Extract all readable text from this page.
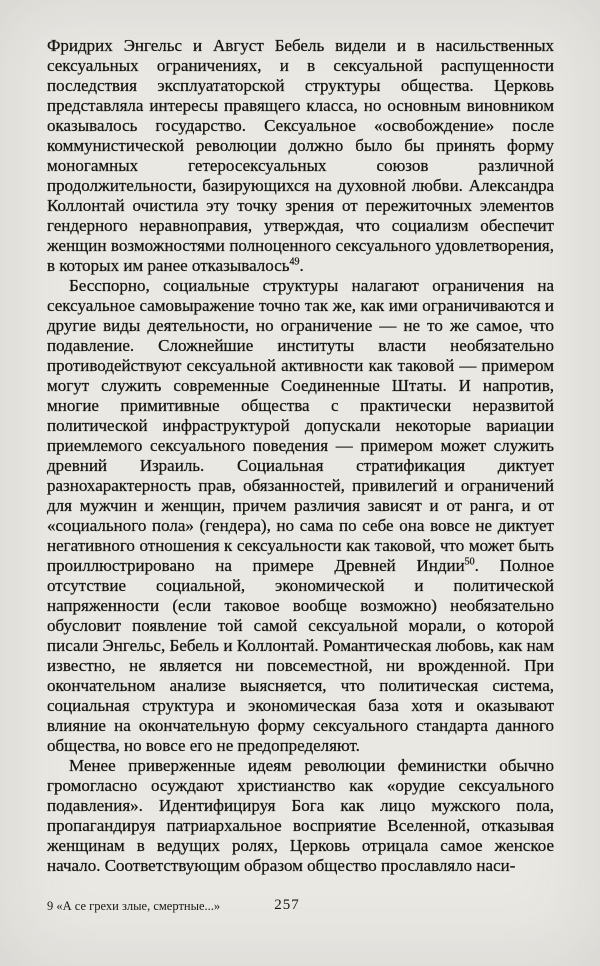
Фридрих Энгельс и Август Бебель видели и в насильственных сексуальных ограничениях, и в сексуальной распущенности последствия эксплуататорской структуры общества. Церковь представляла интересы правящего класса, но основным виновником оказывалось государство. Сексуальное «освобождение» после коммунистической революции должно было бы принять форму моногамных гетеросексуальных союзов различной продолжительности, базирующихся на духовной любви. Александра Коллонтай очистила эту точку зрения от пережиточных элементов гендерного неравноправия, утверждая, что социализм обеспечит женщин возможностями полноценного сексуального удовлетворения, в которых им ранее отказывалось$^{49}$.

Бесспорно, социальные структуры налагают ограничения на сексуальное самовыражение точно так же, как ими ограничиваются и другие виды деятельности, но ограничение — не то же самое, что подавление. Сложнейшие институты власти необязательно противодействуют сексуальной активности как таковой — примером могут служить современные Соединенные Штаты. И напротив, многие примитивные общества с практически неразвитой политической инфраструктурой допускали некоторые вариации приемлемого сексуального поведения — примером может служить древний Израиль. Социальная стратификация диктует разнохарактерность прав, обязанностей, привилегий и ограничений для мужчин и женщин, причем различия зависят и от ранга, и от «социального пола» (гендера), но сама по себе она вовсе не диктует негативного отношения к сексуальности как таковой, что может быть проиллюстрировано на примере Древней Индии$^{50}$. Полное отсутствие социальной, экономической и политической напряженности (если таковое вообще возможно) необязательно обусловит появление той самой сексуальной морали, о которой писали Энгельс, Бебель и Коллонтай. Романтическая любовь, как нам известно, не является ни повсеместной, ни врожденной. При окончательном анализе выясняется, что политическая система, социальная структура и экономическая база хотя и оказывают влияние на окончательную форму сексуального стандарта данного общества, но вовсе его не предопределяют.

Менее приверженные идеям революции феминистки обычно громогласно осуждают христианство как «орудие сексуального подавления». Идентифицируя Бога как лицо мужского пола, пропагандируя патриархальное восприятие Вселенной, отказывая женщинам в ведущих ролях, Церковь отрицала самое женское начало. Соответствующим образом общество прославляло наси-

9 «А се грехи злые, смертные...»	257
